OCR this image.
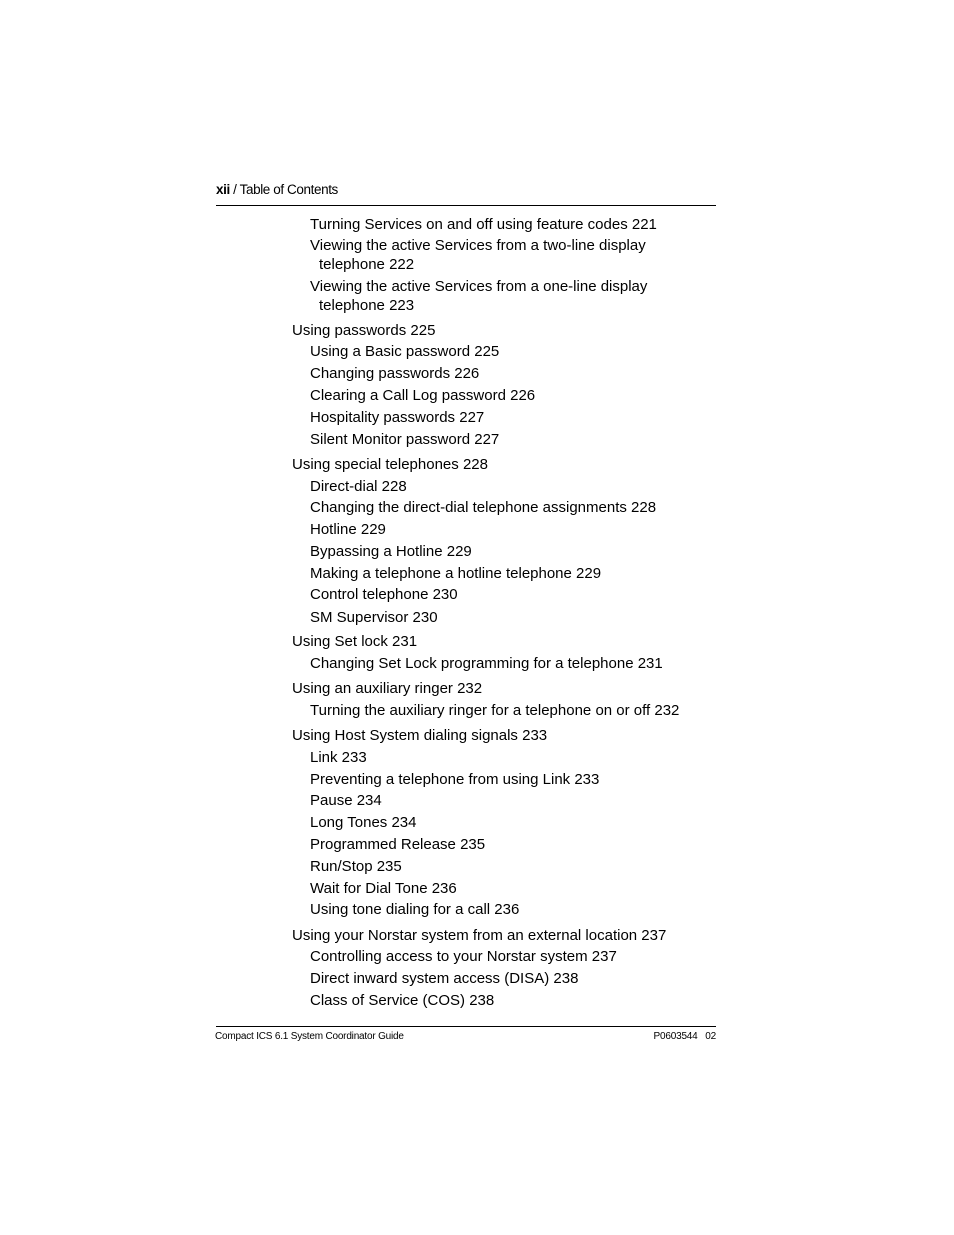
xii / Table of Contents
Turning Services on and off using feature codes 221
Viewing the active Services from a two-line display
telephone 222
Viewing the active Services from a one-line display
telephone 223
Using passwords 225
Using a Basic password 225
Changing passwords 226
Clearing a Call Log password 226
Hospitality passwords 227
Silent Monitor password 227
Using special telephones 228
Direct-dial 228
Changing the direct-dial telephone assignments 228
Hotline 229
Bypassing a Hotline 229
Making a telephone a hotline telephone 229
Control telephone 230
SM Supervisor 230
Using Set lock 231
Changing Set Lock programming for a telephone 231
Using an auxiliary ringer 232
Turning the auxiliary ringer for a telephone on or off 232
Using Host System dialing signals 233
Link 233
Preventing a telephone from using Link 233
Pause 234
Long Tones 234
Programmed Release 235
Run/Stop 235
Wait for Dial Tone 236
Using tone dialing for a call 236
Using your Norstar system from an external location 237
Controlling access to your Norstar system 237
Direct inward system access (DISA) 238
Class of Service (COS) 238
Compact ICS 6.1 System Coordinator Guide	P0603544   02
